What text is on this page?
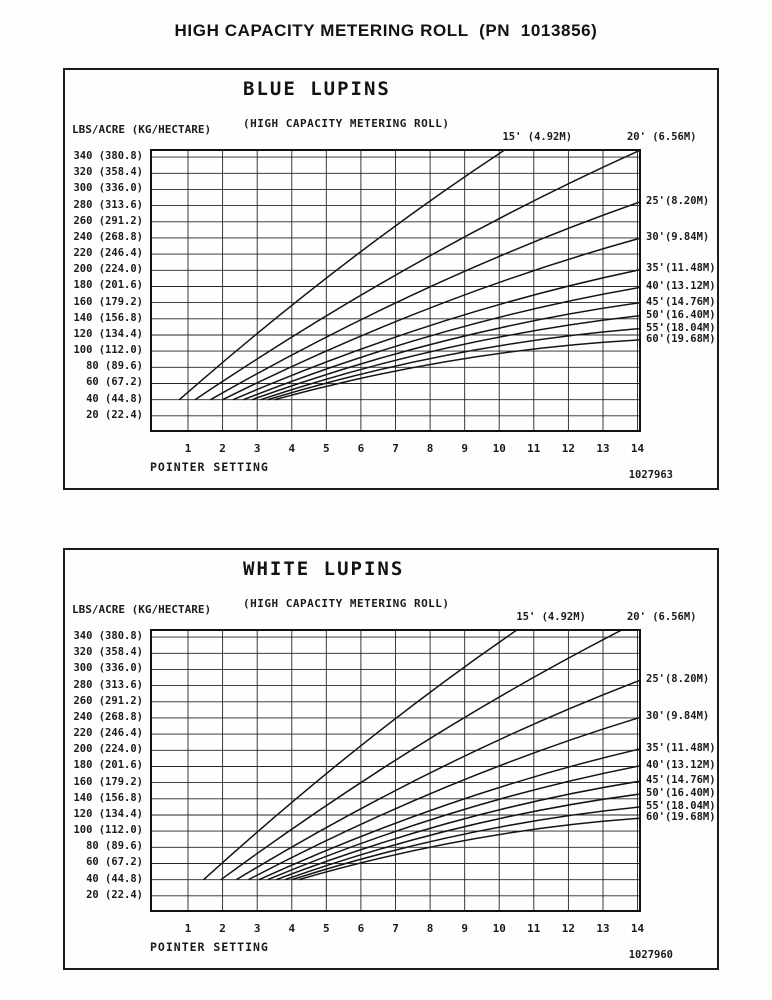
HIGH CAPACITY METERING ROLL  (PN  1013856)
BLUE LUPINS
(HIGH CAPACITY METERING ROLL)
LBS/ACRE (KG/HECTARE)
340 (380.8)
320 (358.4)
300 (336.0)
280 (313.6)
260 (291.2)
240 (268.8)
220 (246.4)
200 (224.0)
180 (201.6)
160 (179.2)
140 (156.8)
120 (134.4)
100 (112.0)
80 (89.6)
60 (67.2)
40 (44.8)
20 (22.4)
1	2	3	4	5	6	7	8	9	10	11	12	13	14
15' (4.92M)	20' (6.56M)
25'(8.20M)
30'(9.84M)
35'(11.48M)
40'(13.12M)
45'(14.76M)
50'(16.40M)
55'(18.04M)
60'(19.68M)
POINTER SETTING
1027963
WHITE LUPINS
(HIGH CAPACITY METERING ROLL)
LBS/ACRE (KG/HECTARE)
340 (380.8)
320 (358.4)
300 (336.0)
280 (313.6)
260 (291.2)
240 (268.8)
220 (246.4)
200 (224.0)
180 (201.6)
160 (179.2)
140 (156.8)
120 (134.4)
100 (112.0)
80 (89.6)
60 (67.2)
40 (44.8)
20 (22.4)
1	2	3	4	5	6	7	8	9	10	11	12	13	14
15' (4.92M)	20' (6.56M)
25'(8.20M)
30'(9.84M)
35'(11.48M)
40'(13.12M)
45'(14.76M)
50'(16.40M)
55'(18.04M)
60'(19.68M)
POINTER SETTING
1027960
